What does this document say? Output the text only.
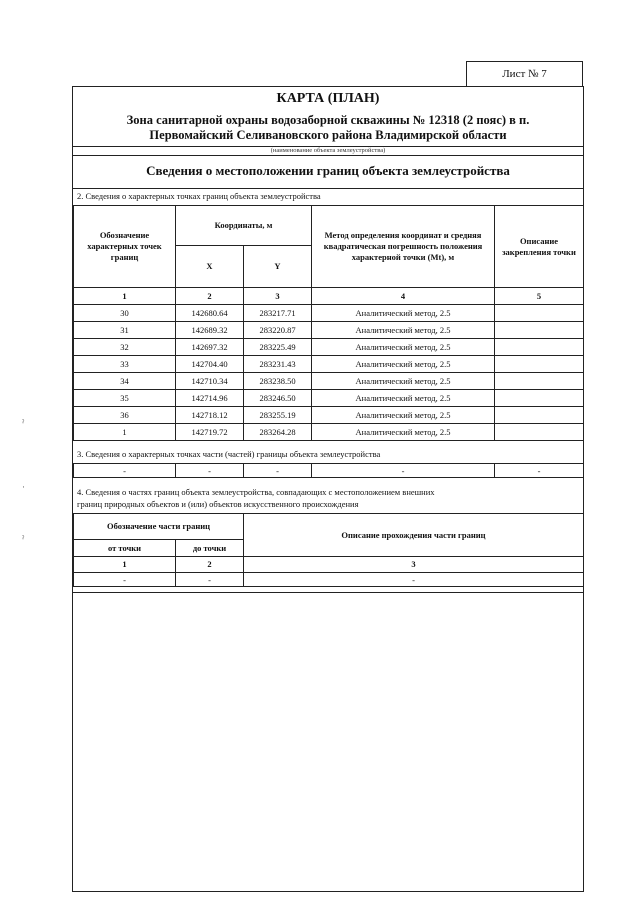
Лист № 7
КАРТА (ПЛАН)
Зона санитарной охраны водозаборной скважины № 12318 (2 пояс) в п.
Первомайский Селивановского района Владимирской области
(наименование объекта землеустройства)
Сведения о местоположении границ объекта землеустройства
2. Сведения о характерных точках границ объекта землеустройства
Обозначение характерных точек границ	Координаты, м		Метод определения координат и средняя квадратическая погрешность положения характерной точки (Mt), м	Описание закрепления точки
	X	Y		
1	2	3	4	5
30	142680.64	283217.71	Аналитический метод, 2.5	
31	142689.32	283220.87	Аналитический метод, 2.5	
32	142697.32	283225.49	Аналитический метод, 2.5	
33	142704.40	283231.43	Аналитический метод, 2.5	
34	142710.34	283238.50	Аналитический метод, 2.5	
35	142714.96	283246.50	Аналитический метод, 2.5	
36	142718.12	283255.19	Аналитический метод, 2.5	
1	142719.72	283264.28	Аналитический метод, 2.5	
3. Сведения о характерных точках части (частей) границы объекта землеустройства
-	-	-	-	-
4. Сведения о частях границ объекта землеустройства, совпадающих с местоположением внешних
границ природных объектов и (или) объектов искусственного происхождения
Обозначение части границ		Описание прохождения части границ
от точки	до точки	
1	2	3
-	-	-
ˀ
·
ˀ
